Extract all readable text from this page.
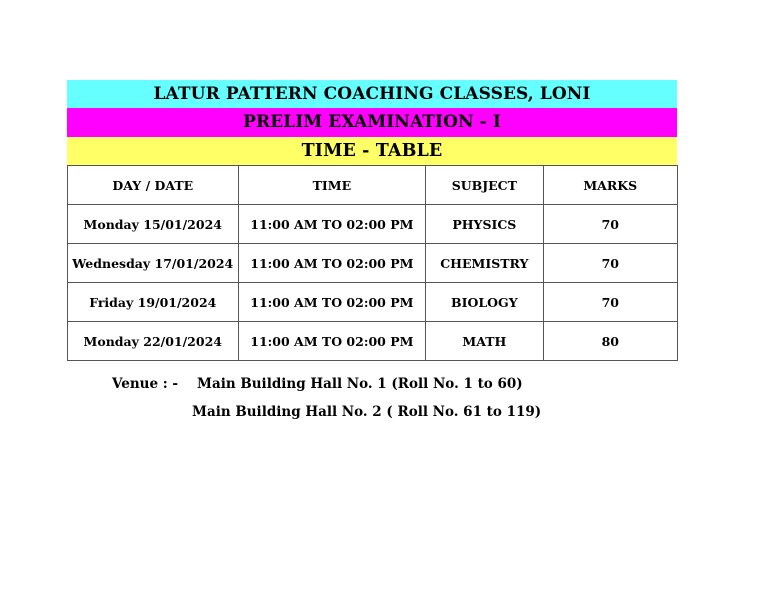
LATUR PATTERN COACHING CLASSES, LONI
PRELIM EXAMINATION - I
TIME - TABLE
DAY / DATE	TIME	SUBJECT	MARKS
Monday 15/01/2024	11:00 AM TO 02:00 PM	PHYSICS	70
Wednesday 17/01/2024	11:00 AM TO 02:00 PM	CHEMISTRY	70
Friday 19/01/2024	11:00 AM TO 02:00 PM	BIOLOGY	70
Monday 22/01/2024	11:00 AM TO 02:00 PM	MATH	80
Venue : - Main Building Hall No. 1 (Roll No. 1 to 60)
Main Building Hall No. 2 ( Roll No. 61 to 119)
